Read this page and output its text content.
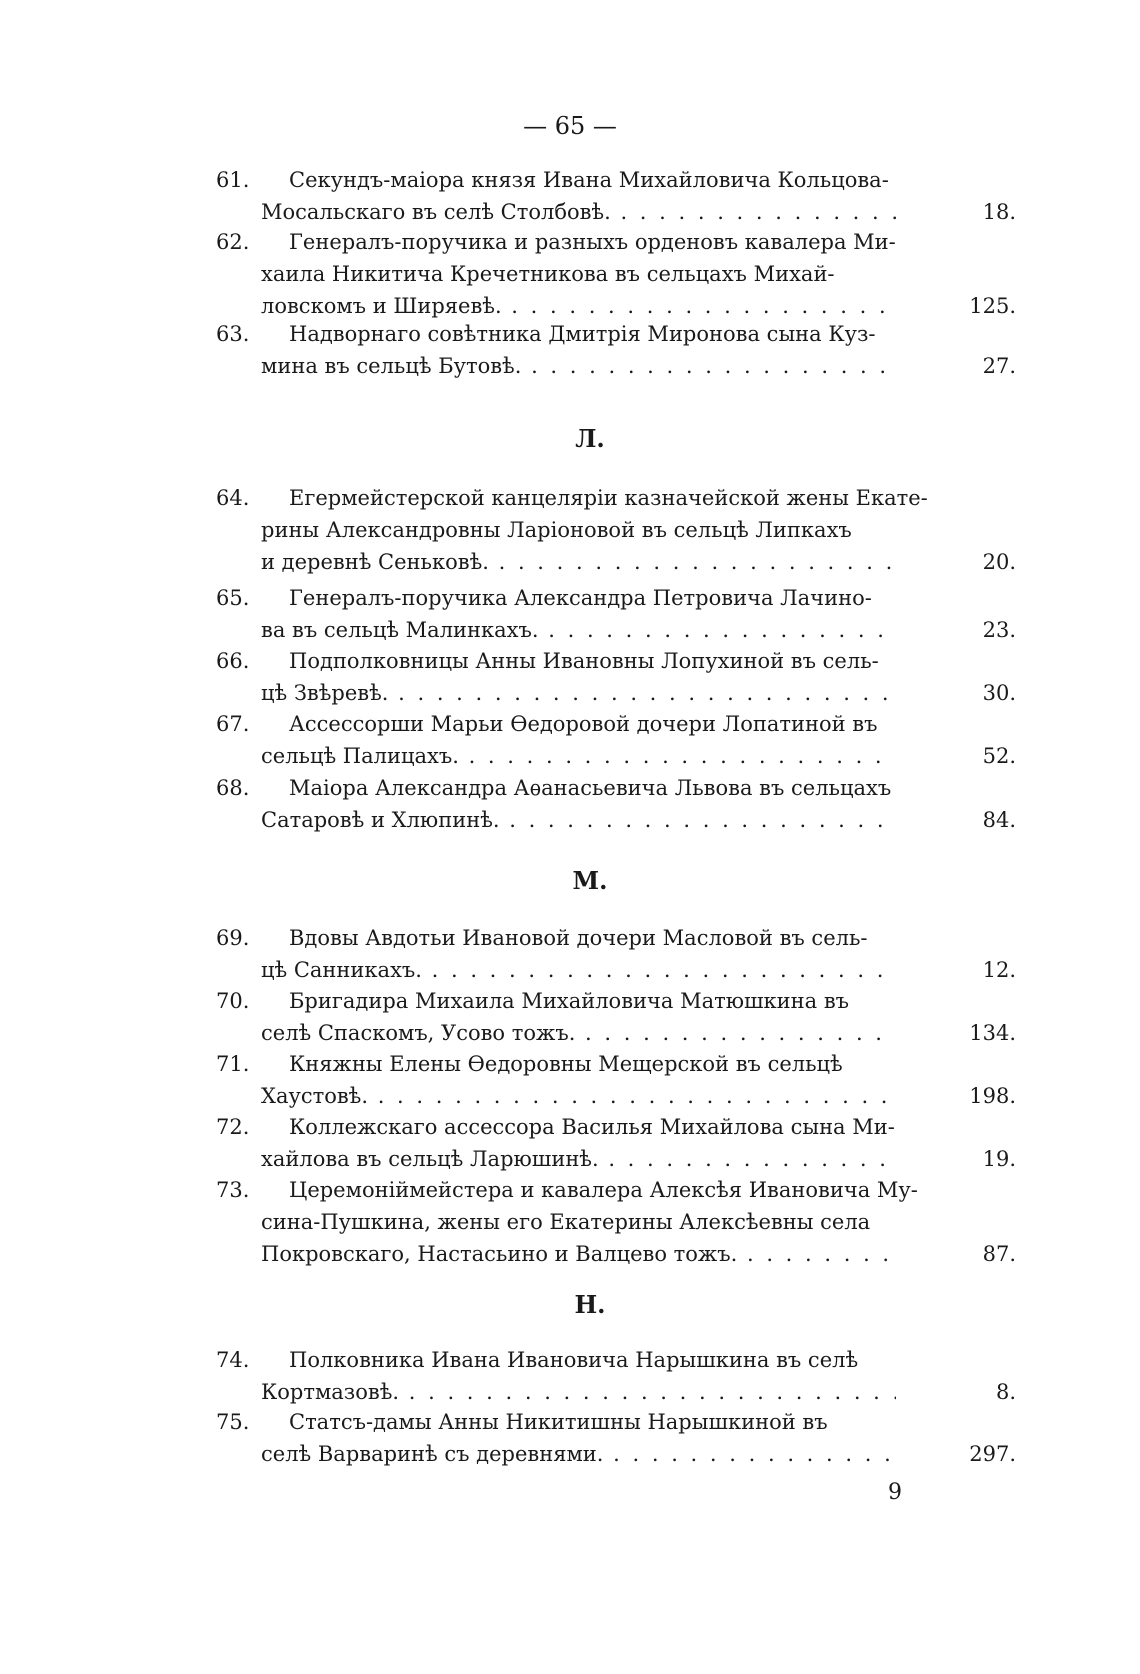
— 65 —
61. Секундъ-маіора князя Ивана Михайловича Кольцова-
Мосальскаго въ селѣ Столбовѣ. . . .	18.
62. Генералъ-поручика и разныхъ орденовъ кавалера Ми-
хаила Никитича Кречетникова въ сельцахъ Михай-
ловскомъ и Ширяевѣ. . . .	125.
63. Надворнаго совѣтника Дмитрія Миронова сына Куз-
мина въ сельцѣ Бутовѣ. . . .	27.
Л.
64. Егермейстерской канцеляріи казначейской жены Екате-
рины Александровны Ларіоновой въ сельцѣ Липкахъ
и деревнѣ Сеньковѣ. . . .	20.
65. Генералъ-поручика Александра Петровича Лачино-
ва въ сельцѣ Малинкахъ. . . .	23.
66. Подполковницы Анны Ивановны Лопухиной въ сель-
цѣ Звѣревѣ. . . .	30.
67. Ассессорши Марьи Ѳедоровой дочери Лопатиной въ
сельцѣ Палицахъ. . . .	52.
68. Маіора Александра Аѳанасьевича Львова въ сельцахъ
Сатаровѣ и Хлюпинѣ. . . .	84.
М.
69. Вдовы Авдотьи Ивановой дочери Масловой въ сель-
цѣ Санникахъ. . . .	12.
70. Бригадира Михаила Михайловича Матюшкина въ
селѣ Спаскомъ, Усово тожъ. . . .	134.
71. Княжны Елены Ѳедоровны Мещерской въ сельцѣ
Хаустовѣ. . . .	198.
72. Коллежскаго ассессора Василья Михайлова сына Ми-
хайлова въ сельцѣ Ларюшинѣ. . . .	19.
73. Церемоніймейстера и кавалера Алексѣя Ивановича Му-
сина-Пушкина, жены его Екатерины Алексѣевны села
Покровскаго, Настасьино и Валцево тожъ. . . .	87.
Н.
74. Полковника Ивана Ивановича Нарышкина въ селѣ
Кортмазовѣ. . . .	8.
75. Статсъ-дамы Анны Никитишны Нарышкиной въ
селѣ Варваринѣ съ деревнями. . . .	297.
9
